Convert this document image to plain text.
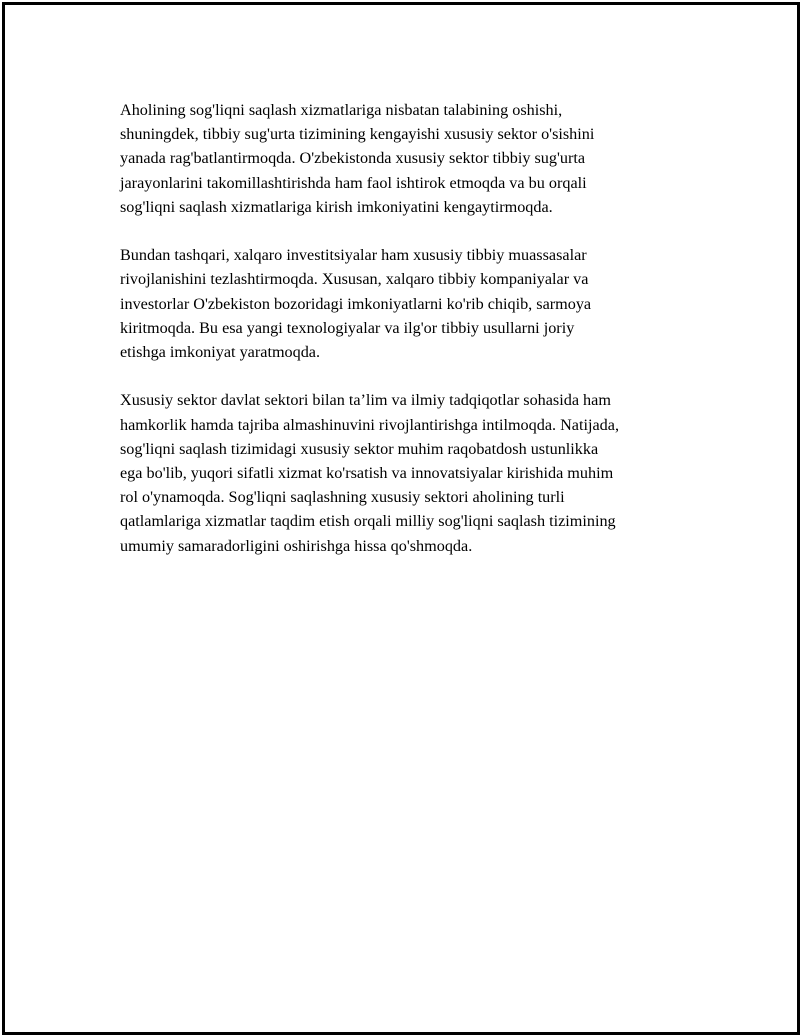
Aholining sog'liqni saqlash xizmatlariga nisbatan talabining oshishi,
shuningdek, tibbiy sug'urta tizimining kengayishi xususiy sektor o'sishini
yanada rag'batlantirmoqda. O'zbekistonda xususiy sektor tibbiy sug'urta
jarayonlarini takomillashtirishda ham faol ishtirok etmoqda va bu orqali
sog'liqni saqlash xizmatlariga kirish imkoniyatini kengaytirmoqda.

Bundan tashqari, xalqaro investitsiyalar ham xususiy tibbiy muassasalar
rivojlanishini tezlashtirmoqda. Xususan, xalqaro tibbiy kompaniyalar va
investorlar O'zbekiston bozoridagi imkoniyatlarni ko'rib chiqib, sarmoya
kiritmoqda. Bu esa yangi texnologiyalar va ilg'or tibbiy usullarni joriy
etishga imkoniyat yaratmoqda.

Xususiy sektor davlat sektori bilan ta’lim va ilmiy tadqiqotlar sohasida ham
hamkorlik hamda tajriba almashinuvini rivojlantirishga intilmoqda. Natijada,
sog'liqni saqlash tizimidagi xususiy sektor muhim raqobatdosh ustunlikka
ega bo'lib, yuqori sifatli xizmat ko'rsatish va innovatsiyalar kirishida muhim
rol o'ynamoqda. Sog'liqni saqlashning xususiy sektori aholining turli
qatlamlariga xizmatlar taqdim etish orqali milliy sog'liqni saqlash tizimining
umumiy samaradorligini oshirishga hissa qo'shmoqda.
